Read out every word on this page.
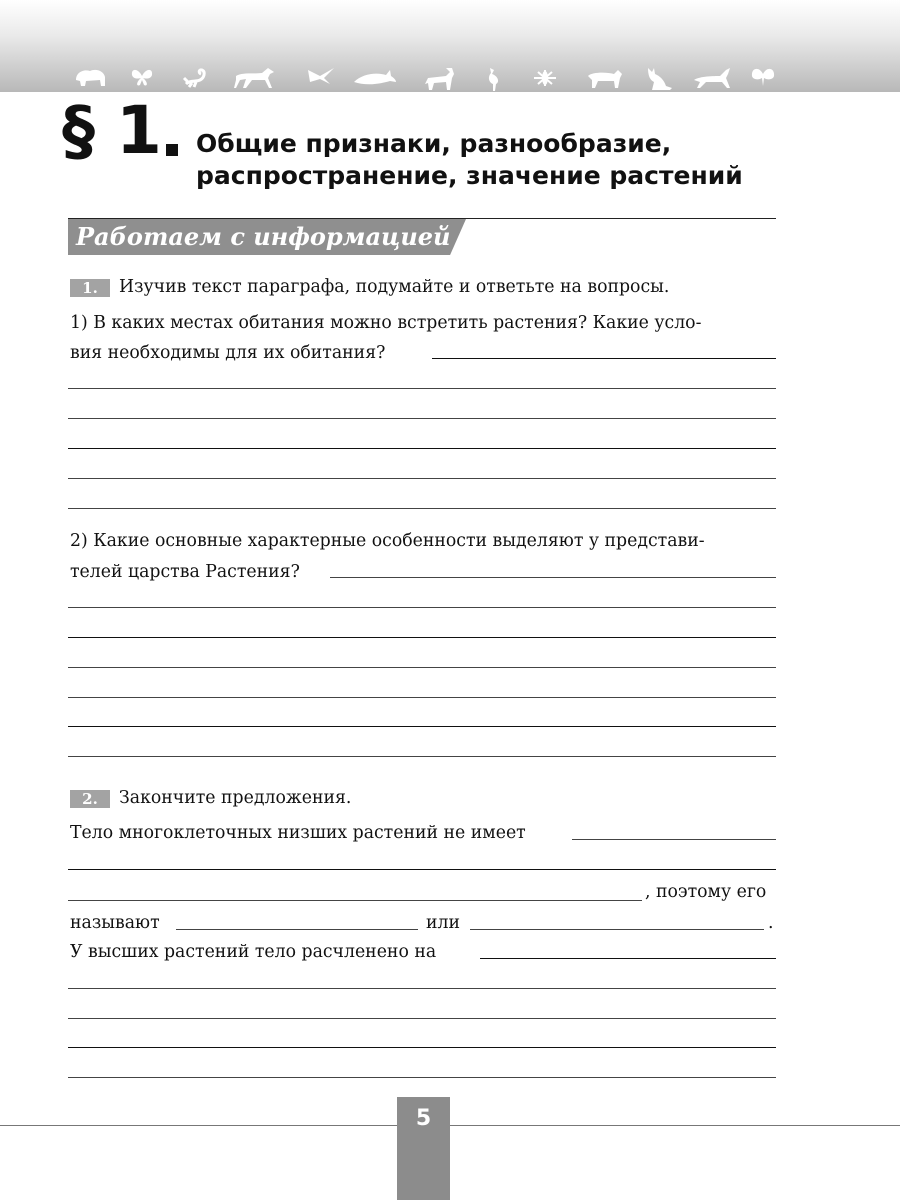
§ 1 Общие признаки, разнообразие,
распространение, значение растений
Работаем с информацией
1.	Изучив текст параграфа, подумайте и ответьте на вопросы.
1) В каких местах обитания можно встретить растения? Какие усло-
вия необходимы для их обитания?
2) Какие основные характерные особенности выделяют у представи-
телей царства Растения?
2.	Закончите предложения.
Тело многоклеточных низших растений не имеет
, поэтому его
называют	или	.
У высших растений тело расчленено на
5
